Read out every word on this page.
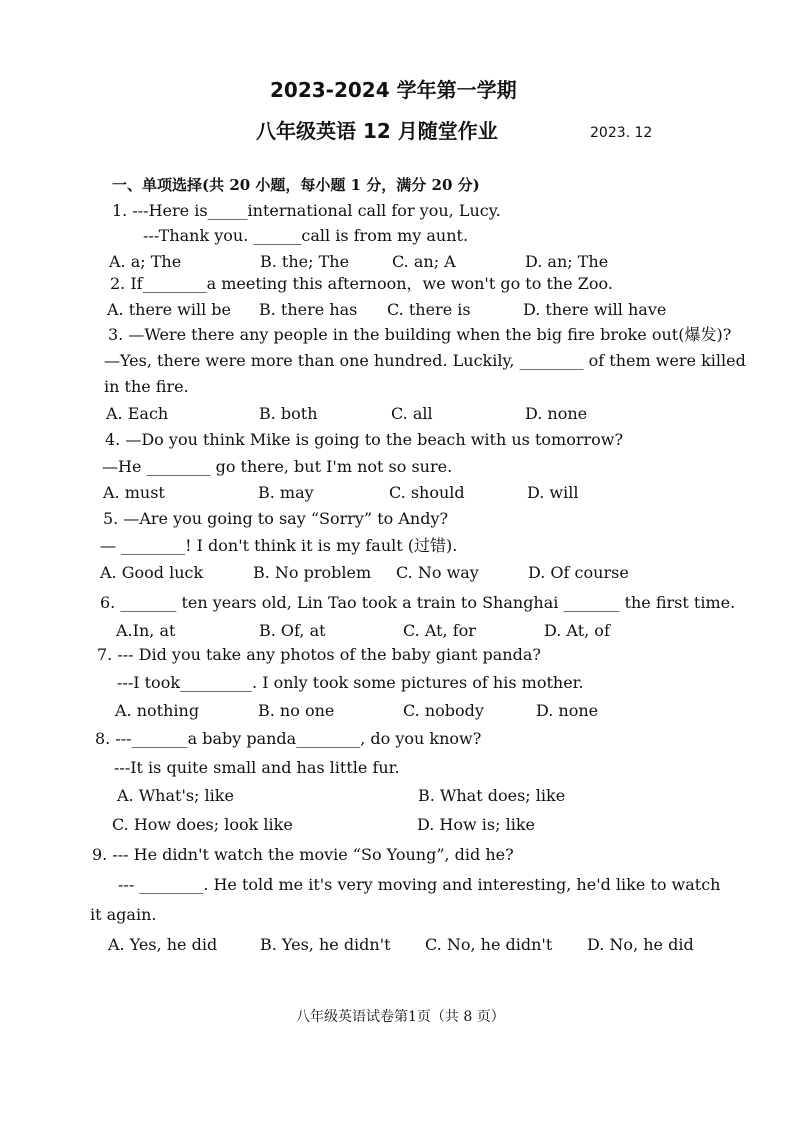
2023-2024 学年第一学期
八年级英语 12 月随堂作业	2023. 12
一、单项选择(共 20 小题，每小题 1 分，满分 20 分)
1. ---Here is_____international call for you, Lucy.
---Thank you. ______call is from my aunt.
A. a; The	B. the; The	C. an; A	D. an; The
2. If________a meeting this afternoon，we won't go to the Zoo.
A. there will be B. there has C. there is	D. there will have
3. —Were there any people in the building when the big fire broke out(爆发)?
—Yes, there were more than one hundred. Luckily, ________ of them were killed
in the fire.
A. Each	B. both	C. all	D. none
4. —Do you think Mike is going to the beach with us tomorrow?
—He ________ go there, but I'm not so sure.
A. must	B. may	C. should	D. will
5. —Are you going to say “Sorry” to Andy?
— ________! I don't think it is my fault (过错).
A. Good luck	B. No problem C. No way	D. Of course
6. _______ ten years old, Lin Tao took a train to Shanghai _______ the first time.
A.In, at	B. Of, at	C. At, for	D. At, of
7. --- Did you take any photos of the baby giant panda?
---I took_________. I only took some pictures of his mother.
A. nothing	B. no one	C. nobody	D. none
8. ---_______a baby panda________, do you know?
---It is quite small and has little fur.
A. What's; like	B. What does; like
C. How does; look like	D. How is; like
9. --- He didn't watch the movie “So Young”, did he?
--- ________. He told me it's very moving and interesting, he'd like to watch
it again.
A. Yes, he did	B. Yes, he didn't C. No, he didn't D. No, he did
八年级英语试卷第1页（共 8 页）
